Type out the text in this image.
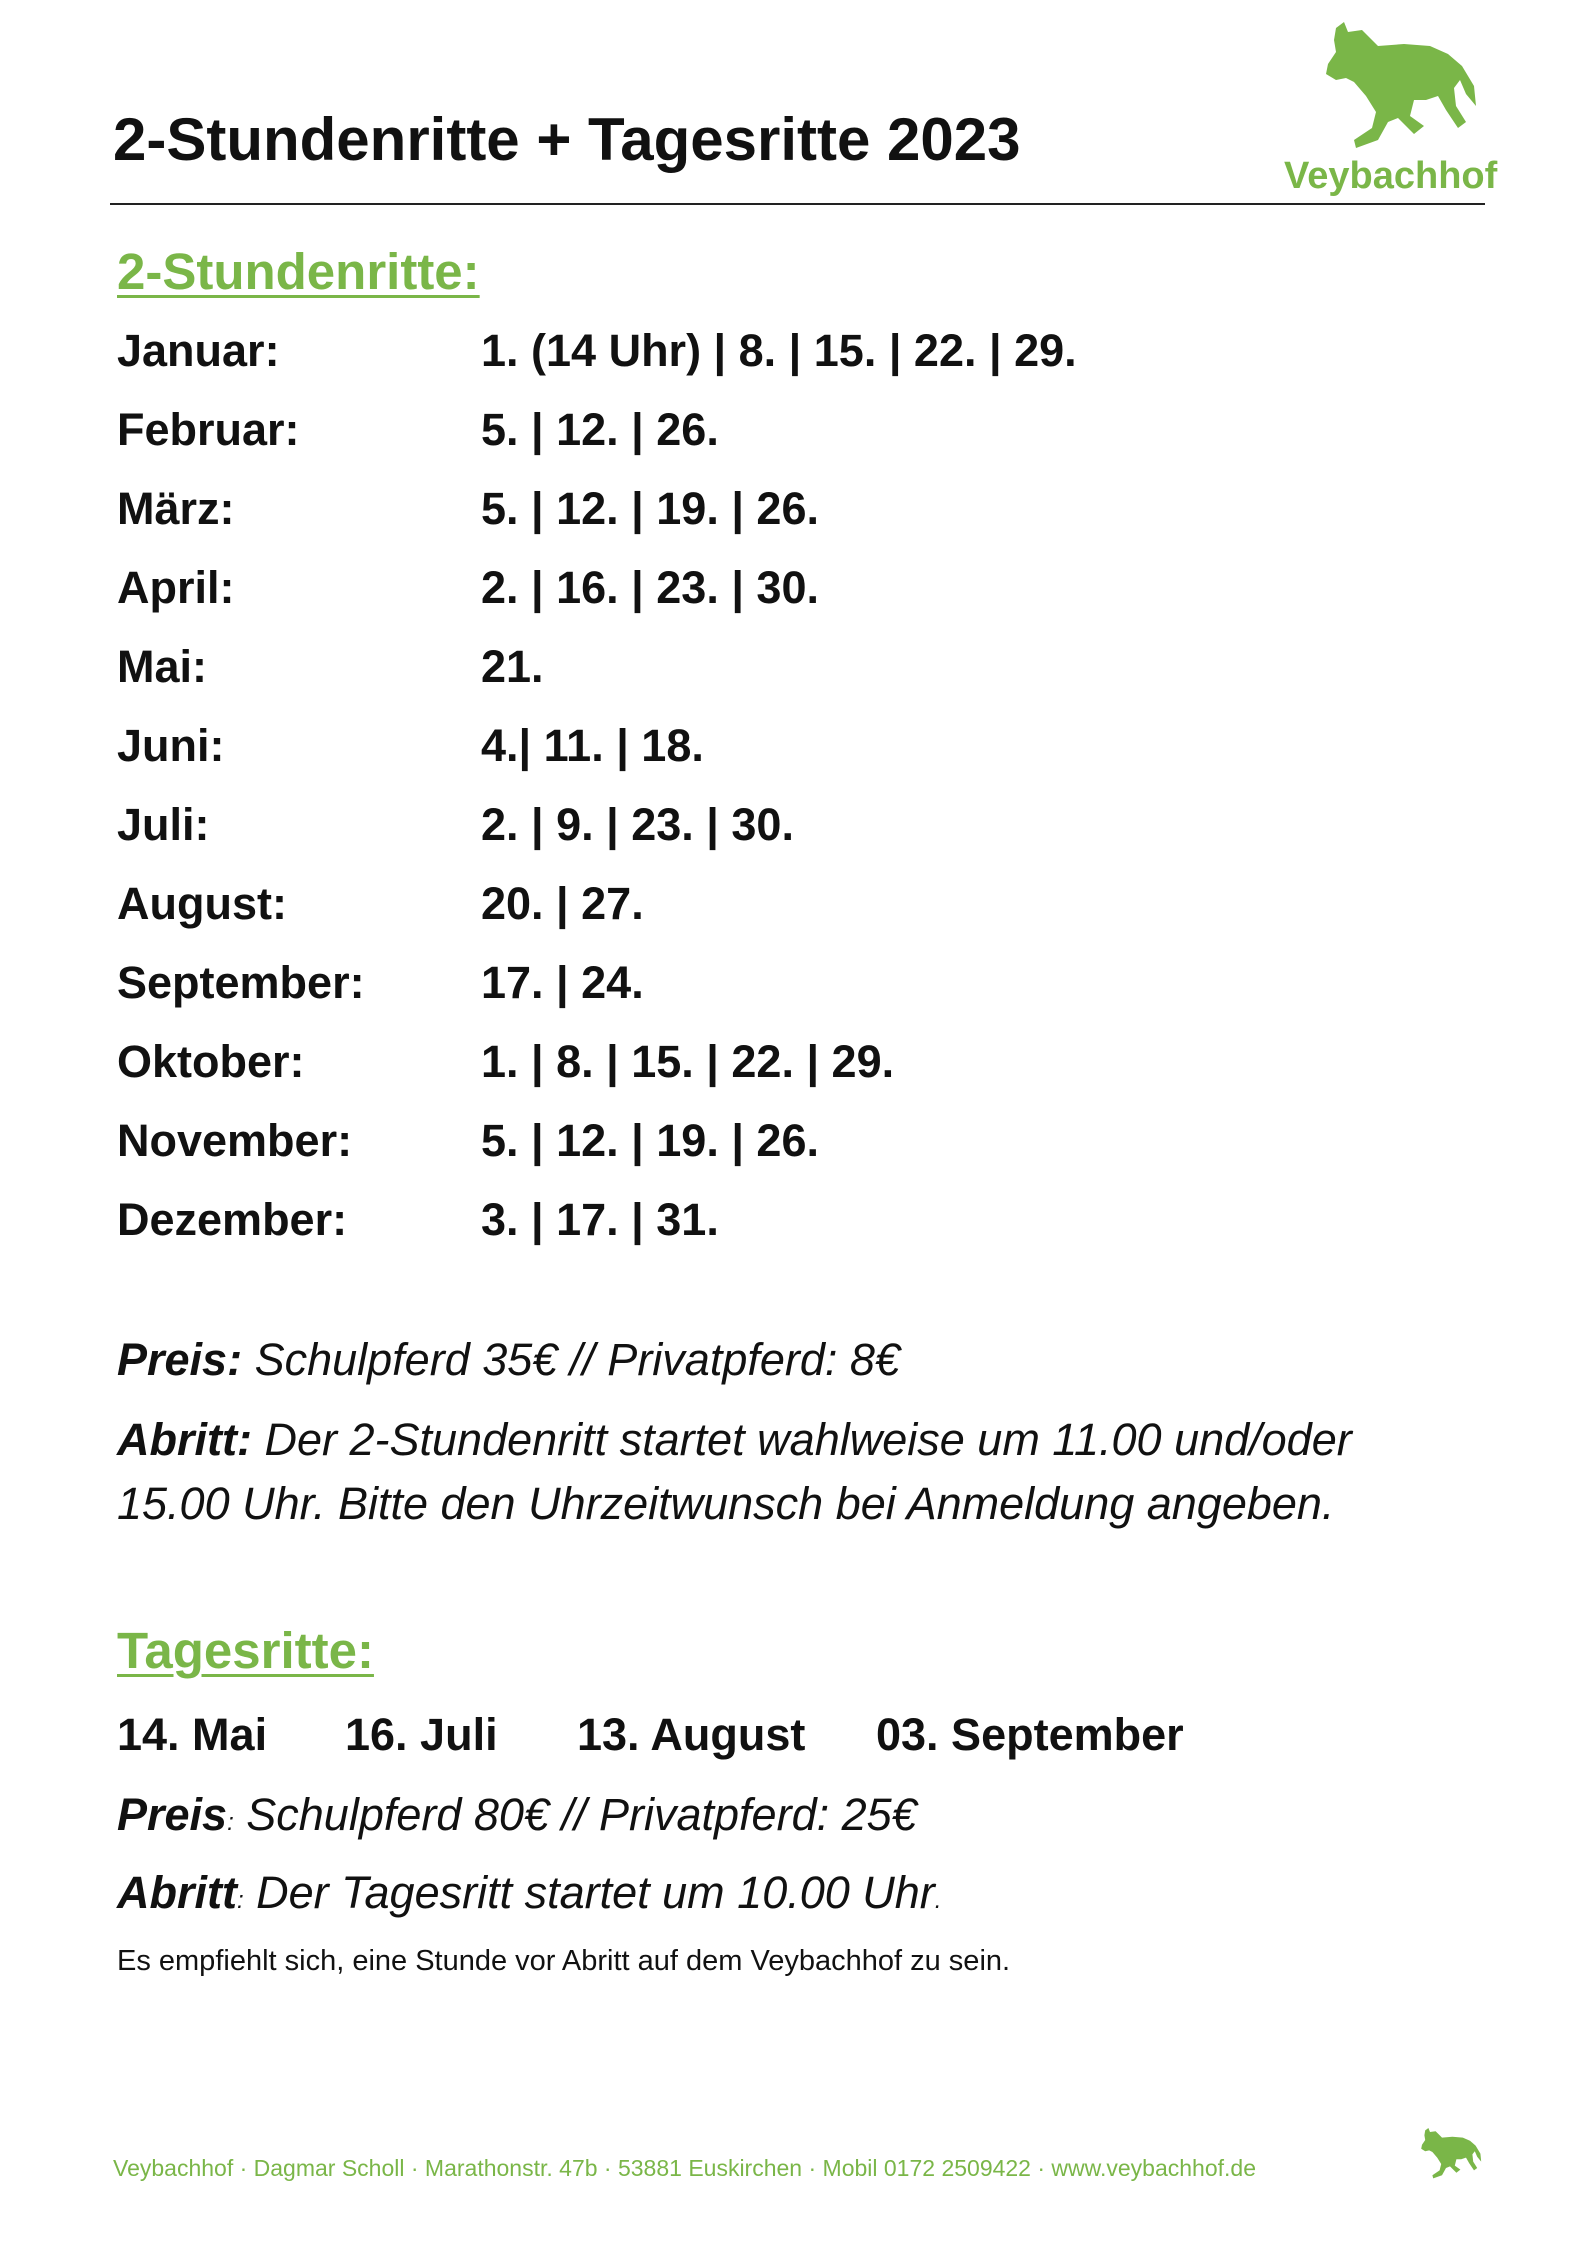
2-Stundenritte + Tagesritte 2023
Veybachhof
2-Stundenritte:
Januar:	1. (14 Uhr) | 8. | 15. | 22. | 29.
Februar:	5. | 12. | 26.
März:	5. | 12. | 19. | 26.
April:	2. | 16. | 23. | 30.
Mai:	21.
Juni:	4.| 11. | 18.
Juli:	2. | 9. | 23. | 30.
August:	20. | 27.
September:	17. | 24.
Oktober:	1. | 8. | 15. | 22. | 29.
November:	5. | 12. | 19. | 26.
Dezember:	3. | 17. | 31.
Preis: Schulpferd 35€ // Privatpferd: 8€
Abritt: Der 2-Stundenritt startet wahlweise um 11.00 und/oder
15.00 Uhr. Bitte den Uhrzeitwunsch bei Anmeldung angeben.
Tagesritte:
14. Mai 16. Juli 13. August 03. September
Preis: Schulpferd 80€ // Privatpferd: 25€
Abritt: Der Tagesritt startet um 10.00 Uhr.
Es empfiehlt sich, eine Stunde vor Abritt auf dem Veybachhof zu sein.
Veybachhof · Dagmar Scholl · Marathonstr. 47b · 53881 Euskirchen · Mobil 0172 2509422 · www.veybachhof.de
